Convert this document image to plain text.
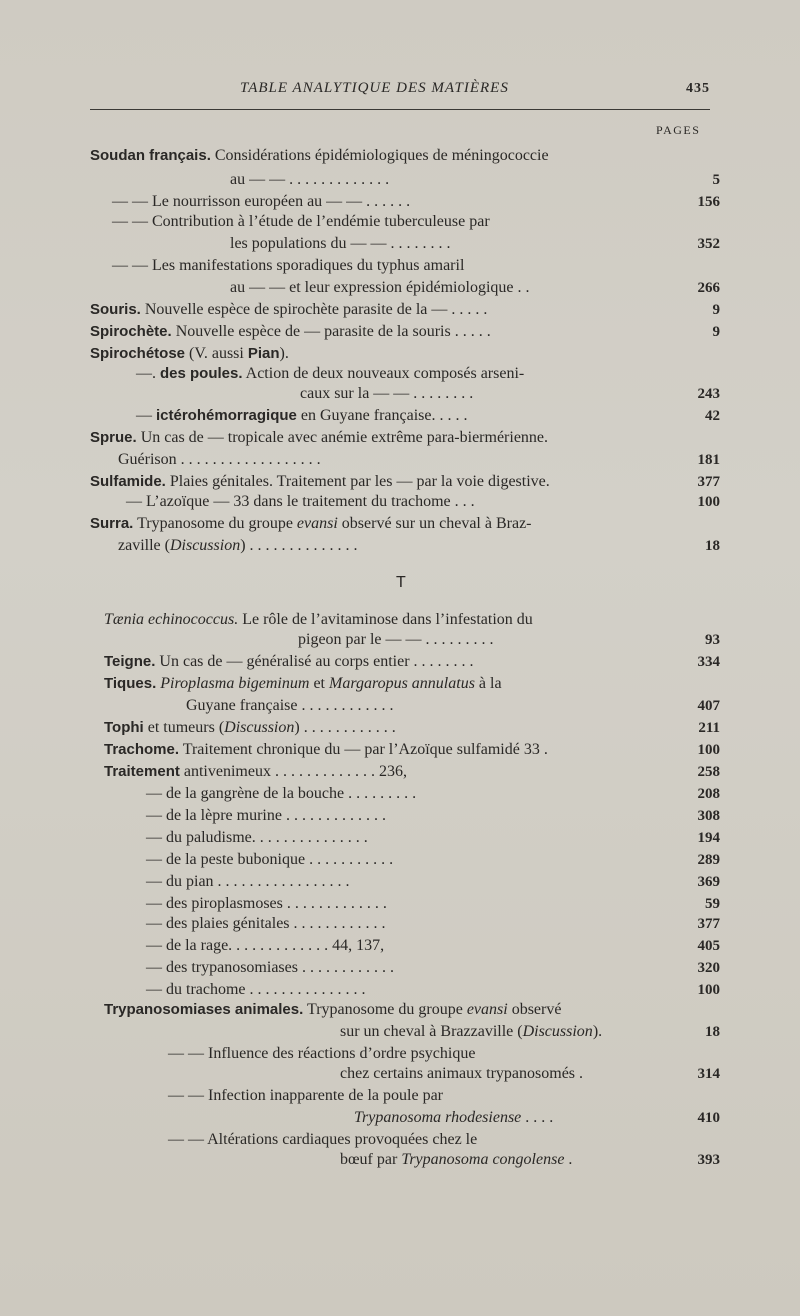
TABLE ANALYTIQUE DES MATIÈRES	435
PAGES
T
Soudan français. Considérations épidémiologiques de méningococcie
au — — . . . . . . . . . . . . .
— — Le nourrisson européen au — — . . . . . .
— — Contribution à l’étude de l’endémie tuberculeuse par
les populations du — — . . . . . . . .
— — Les manifestations sporadiques du typhus amaril
au — — et leur expression épidémiologique . .
Souris. Nouvelle espèce de spirochète parasite de la — . . . . .
Spirochète. Nouvelle espèce de — parasite de la souris . . . . .
Spirochétose (V. aussi Pian).
—. des poules. Action de deux nouveaux composés arseni-
caux sur la — — . . . . . . . .
— ictérohémorragique en Guyane française. . . . .
Sprue. Un cas de — tropicale avec anémie extrême para-biermérienne.
Guérison . . . . . . . . . . . . . . . . . .
Sulfamide. Plaies génitales. Traitement par les — par la voie digestive.
— L’azoïque — 33 dans le traitement du trachome . . .
Surra. Trypanosome du groupe evansi observé sur un cheval à Braz-
zaville (Discussion) . . . . . . . . . . . . . .
Tænia echinococcus. Le rôle de l’avitaminose dans l’infestation du
pigeon par le — — . . . . . . . . .
Teigne. Un cas de — généralisé au corps entier . . . . . . . .
Tiques. Piroplasma bigeminum et Margaropus annulatus à la
Guyane française . . . . . . . . . . . .
Tophi et tumeurs (Discussion) . . . . . . . . . . . .
Trachome. Traitement chronique du — par l’Azoïque sulfamidé 33 .
Traitement antivenimeux . . . . . . . . . . . . . 236,
— de la gangrène de la bouche . . . . . . . . .
— de la lèpre murine . . . . . . . . . . . . .
— du paludisme. . . . . . . . . . . . . . .
— de la peste bubonique . . . . . . . . . . .
— du pian . . . . . . . . . . . . . . . . .
— des piroplasmoses . . . . . . . . . . . . .
— des plaies génitales . . . . . . . . . . . .
— de la rage. . . . . . . . . . . . . 44, 137,
— des trypanosomiases . . . . . . . . . . . .
— du trachome . . . . . . . . . . . . . . .
Trypanosomiases animales. Trypanosome du groupe evansi observé
sur un cheval à Brazzaville (Discussion).
— — Influence des réactions d’ordre psychique
chez certains animaux trypanosomés .
— — Infection inapparente de la poule par
Trypanosoma rhodesiense . . . .
— — Altérations cardiaques provoquées chez le
bœuf par Trypanosoma congolense .
5
156
352
266
9
9
243
42
181
377
100
18
93
334
407
211
100
258
208
308
194
289
369
59
377
405
320
100
18
314
410
393
